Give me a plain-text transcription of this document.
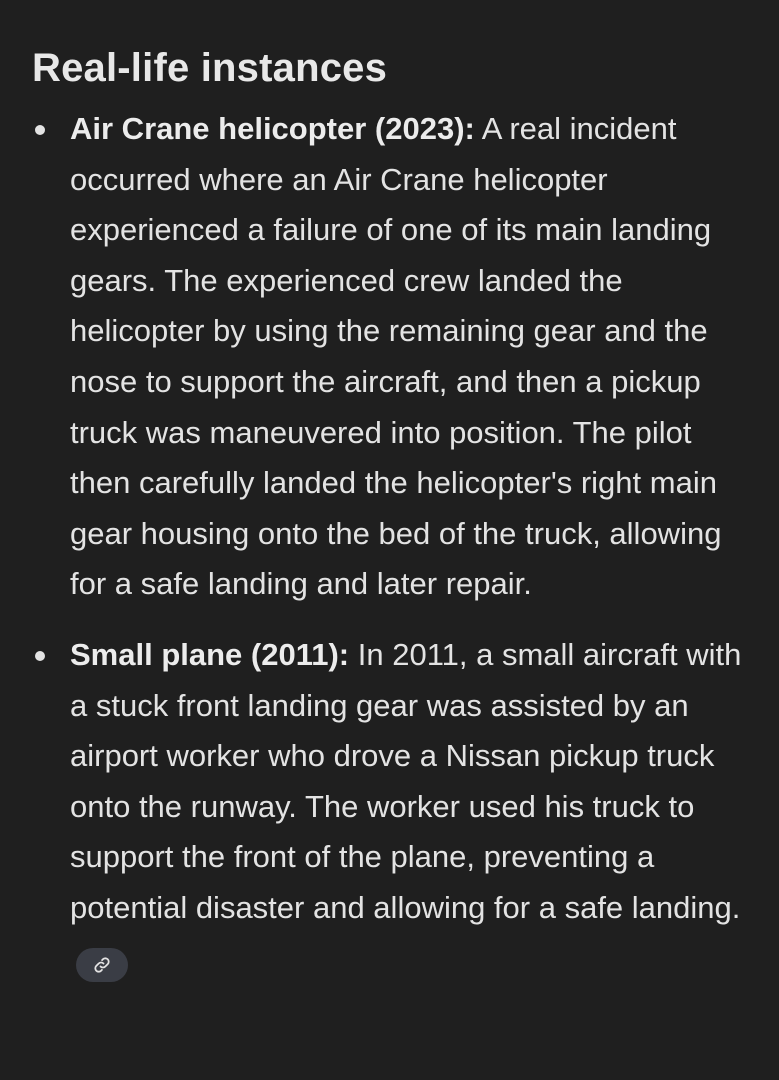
Real-life instances
Air Crane helicopter (2023): A real incident occurred where an Air Crane helicopter experienced a failure of one of its main landing gears. The experienced crew landed the helicopter by using the remaining gear and the nose to support the aircraft, and then a pickup truck was maneuvered into position. The pilot then carefully landed the helicopter's right main gear housing onto the bed of the truck, allowing for a safe landing and later repair.
Small plane (2011): In 2011, a small aircraft with a stuck front landing gear was assisted by an airport worker who drove a Nissan pickup truck onto the runway. The worker used his truck to support the front of the plane, preventing a potential disaster and allowing for a safe landing.
